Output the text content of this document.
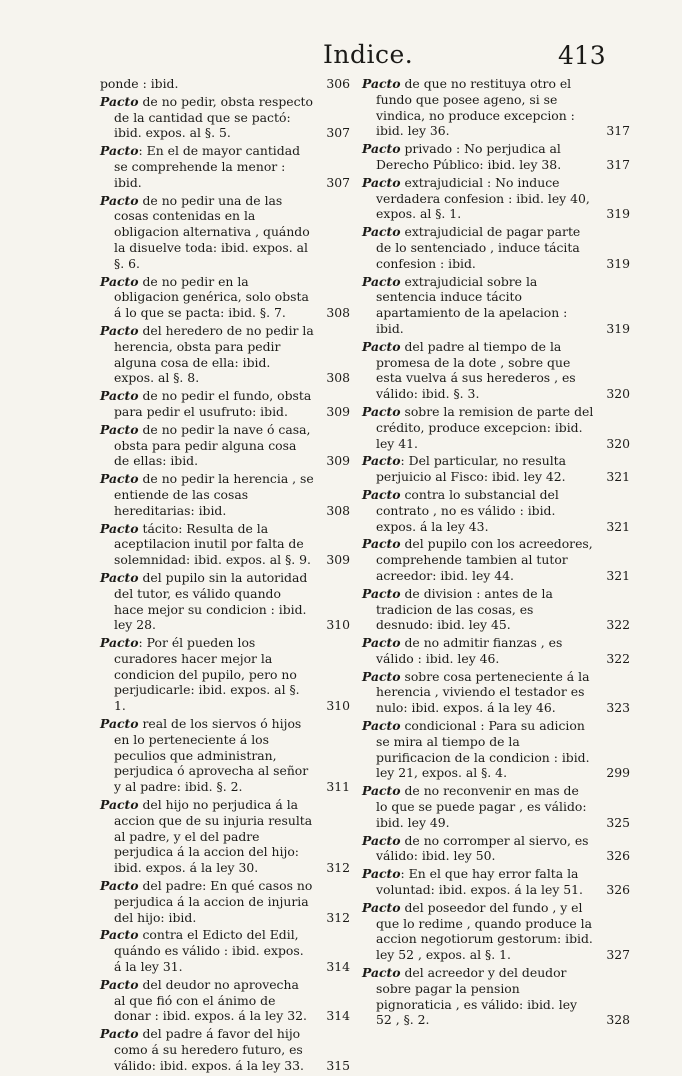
Indice.	413
ponde : ibid.	306
Pacto de no pedir, obsta respecto de la cantidad que se pactó: ibid. expos. al §. 5.	307
Pacto: En el de mayor cantidad se comprehende la menor : ibid.	307
Pacto de no pedir una de las cosas contenidas en la obligacion alternativa , quándo la disuelve toda: ibid. expos. al §. 6.
Pacto de no pedir en la obligacion genérica, solo obsta á lo que se pacta: ibid. §. 7.	308
Pacto del heredero de no pedir la herencia, obsta para pedir alguna cosa de ella: ibid. expos. al §. 8.	308
Pacto de no pedir el fundo, obsta para pedir el usufruto: ibid.	309
Pacto de no pedir la nave ó casa, obsta para pedir alguna cosa de ellas: ibid.	309
Pacto de no pedir la herencia , se entiende de las cosas hereditarias: ibid.	308
Pacto tácito: Resulta de la aceptilacion inutil por falta de solemnidad: ibid. expos. al §. 9.	309
Pacto del pupilo sin la autoridad del tutor, es válido quando hace mejor su condicion : ibid. ley 28.	310
Pacto: Por él pueden los curadores hacer mejor la condicion del pupilo, pero no perjudicarle: ibid. expos. al §. 1.	310
Pacto real de los siervos ó hijos en lo perteneciente á los peculios que administran, perjudica ó aprovecha al señor y al padre: ibid. §. 2.	311
Pacto del hijo no perjudica á la accion que de su injuria resulta al padre, y el del padre perjudica á la accion del hijo: ibid. expos. á la ley 30.	312
Pacto del padre: En qué casos no perjudica á la accion de injuria del hijo: ibid.	312
Pacto contra el Edicto del Edil, quándo es válido : ibid. expos. á la ley 31.	314
Pacto del deudor no aprovecha al que fió con el ánimo de donar : ibid. expos. á la ley 32.	314
Pacto del padre á favor del hijo como á su heredero futuro, es válido: ibid. expos. á la ley 33.	315
Pacto de que no restituya otro el fundo que posee ageno, si se vindica, no produce excepcion : ibid. ley 36.	317
Pacto privado : No perjudica al Derecho Público: ibid. ley 38.	317
Pacto extrajudicial : No induce verdadera confesion : ibid. ley 40, expos. al §. 1.	319
Pacto extrajudicial de pagar parte de lo sentenciado , induce tácita confesion : ibid.	319
Pacto extrajudicial sobre la sentencia induce tácito apartamiento de la apelacion : ibid.	319
Pacto del padre al tiempo de la promesa de la dote , sobre que esta vuelva á sus herederos , es válido: ibid. §. 3.	320
Pacto sobre la remision de parte del crédito, produce excepcion: ibid. ley 41.	320
Pacto: Del particular, no resulta perjuicio al Fisco: ibid. ley 42.	321
Pacto contra lo substancial del contrato , no es válido : ibid. expos. á la ley 43.	321
Pacto del pupilo con los acreedores, comprehende tambien al tutor acreedor: ibid. ley 44.	321
Pacto de division : antes de la tradicion de las cosas, es desnudo: ibid. ley 45.	322
Pacto de no admitir fianzas , es válido : ibid. ley 46.	322
Pacto sobre cosa perteneciente á la herencia , viviendo el testador es nulo: ibid. expos. á la ley 46.	323
Pacto condicional : Para su adicion se mira al tiempo de la purificacion de la condicion : ibid. ley 21, expos. al §. 4.	299
Pacto de no reconvenir en mas de lo que se puede pagar , es válido: ibid. ley 49.	325
Pacto de no corromper al siervo, es válido: ibid. ley 50.	326
Pacto: En el que hay error falta la voluntad: ibid. expos. á la ley 51.	326
Pacto del poseedor del fundo , y el que lo redime , quando produce la accion negotiorum gestorum: ibid. ley 52 , expos. al §. 1.	327
Pacto del acreedor y del deudor sobre pagar la pension pignoraticia , es válido: ibid. ley 52 , §. 2.	328
